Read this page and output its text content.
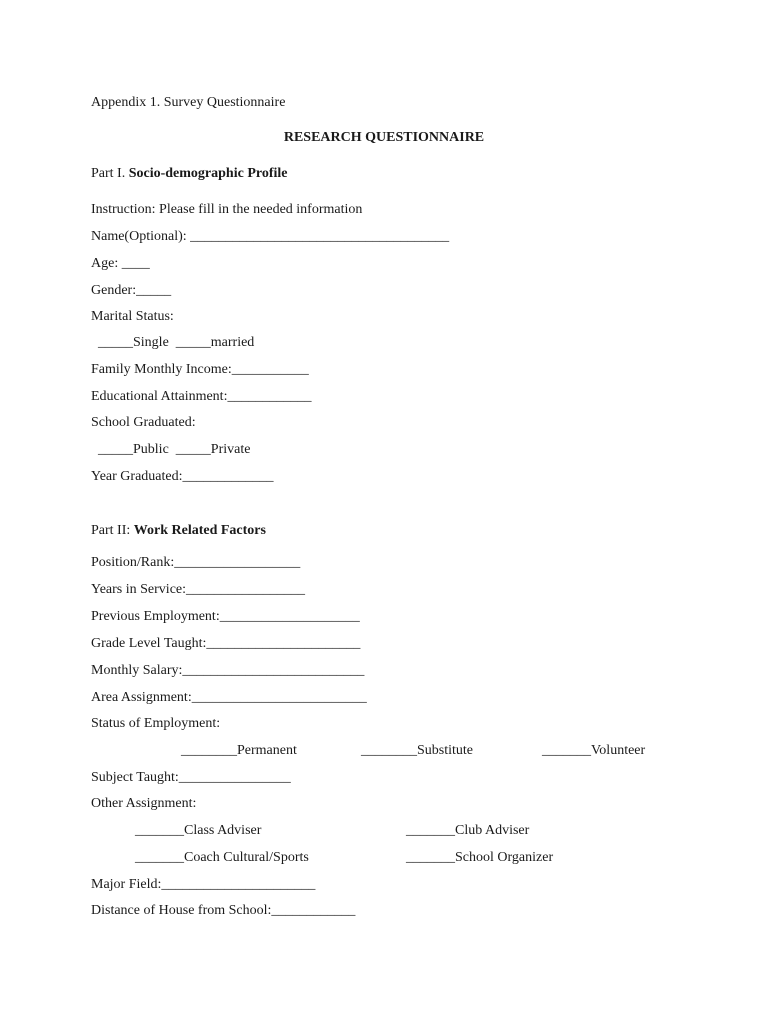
Appendix 1. Survey Questionnaire
RESEARCH QUESTIONNAIRE
Part I. Socio-demographic Profile
Instruction: Please fill in the needed information
Name(Optional): _____________________________________
Age: ____
Gender:_____
Marital Status:
_____Single  _____married
Family Monthly Income:___________
Educational Attainment:____________
School Graduated:
_____Public  _____Private
Year Graduated:_____________
Part II: Work Related Factors
Position/Rank:__________________
Years in Service:_________________
Previous Employment:____________________
Grade Level Taught:______________________
Monthly Salary:__________________________
Area Assignment:_________________________
Status of Employment:
________Permanent	________Substitute	_______Volunteer
Subject Taught:________________
Other Assignment:
_______Class Adviser	_______Club Adviser
_______Coach Cultural/Sports	_______School Organizer
Major Field:______________________
Distance of House from School:____________
